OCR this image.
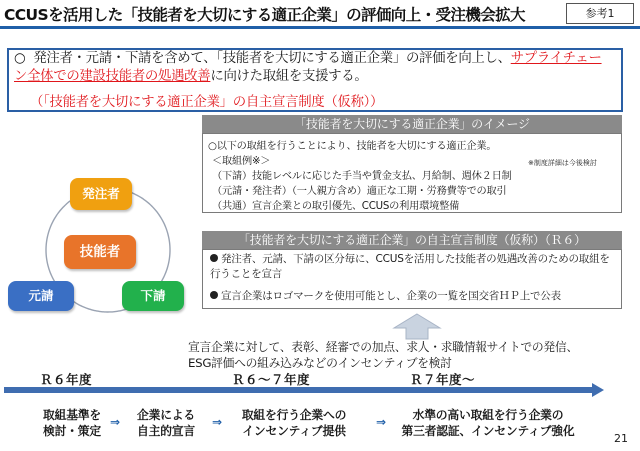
CCUSを活用した「技能者を大切にする適正企業」の評価向上・受注機会拡大	参考1
○ 発注者・元請・下請を含めて、「技能者を大切にする適正企業」の評価を向上し、サプライチェーン全体での建設技能者の処遇改善に向けた取組を支援する。
（「技能者を大切にする適正企業」の自主宣言制度（仮称））
「技能者を大切にする適正企業」のイメージ
○以下の取組を行うことにより、技能者を大切にする適正企業。
＜取組例※＞	※制度詳細は今後検討
（下請）技能レベルに応じた手当や賃金支払、月給制、週休２日制
（元請・発注者）（一人親方含め）適正な工期・労務費等での取引
（共通）宣言企業との取引優先、CCUSの利用環境整備
「技能者を大切にする適正企業」の自主宣言制度（仮称）（Ｒ６）
発注者、元請、下請の区分毎に、CCUSを活用した技能者の処遇改善のための取組を行うことを宣言
宣言企業はロゴマークを使用可能とし、企業の一覧を国交省ＨＰ上で公表
発注者
技能者
元請	下請
宣言企業に対して、表彰、経審での加点、求人・求職情報サイトでの発信、
ESG評価への組み込みなどのインセンティブを検討
Ｒ６年度	Ｒ６～７年度	Ｒ７年度～
取組基準を
検討・策定
⇒	企業による
自主的宣言
⇒	取組を行う企業への
インセンティブ提供
⇒	水準の高い取組を行う企業の
第三者認証、インセンティブ強化
21
